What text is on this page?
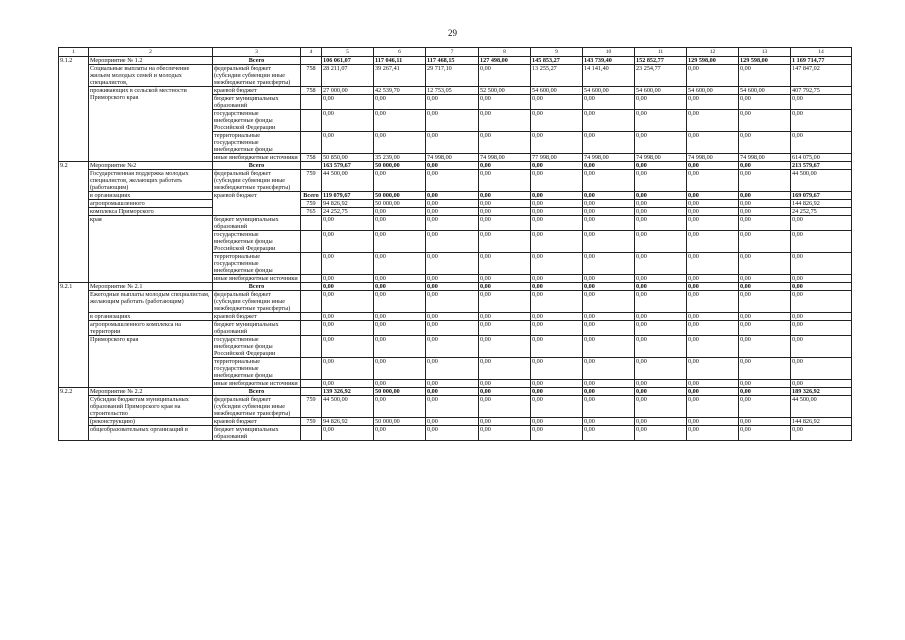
29
1	2	3	4	5	6	7	8	9	10	11	12	13	14
9.1.2	Мероприятие № 1.2	Всего		106 061,07	117 046,11	117 468,15	127 498,00	145 853,27	143 739,40	152 852,77	129 598,00	129 598,00	1 169 714,77
	Социальные выплаты на обеспечение жильем молодых семей и молодых специалистов,	федеральный бюджет (субсидии субвенции иные межбюджетные трансферты)	758	28 211,07	39 267,41	29 717,10	0,00	13 255,27	14 141,40	23 254,77	0,00	0,00	147 847,02
	проживающих в сельской местности Приморского края	краевой бюджет	758	27 000,00	42 539,70	12 753,05	52 500,00	54 600,00	54 600,00	54 600,00	54 600,00	54 600,00	407 792,75
		бюджет муниципальных образований		0,00	0,00	0,00	0,00	0,00	0,00	0,00	0,00	0,00	0,00
		государственные внебюджетные фонды Российской Федерации		0,00	0,00	0,00	0,00	0,00	0,00	0,00	0,00	0,00	0,00
		территориальные государственные внебюджетные фонды		0,00	0,00	0,00	0,00	0,00	0,00	0,00	0,00	0,00	0,00
		иные внебюджетные источники	758	50 850,00	35 239,00	74 998,00	74 998,00	77 998,00	74 998,00	74 998,00	74 998,00	74 998,00	614 075,00
9.2	Мероприятие №2	Всего		163 579,67	50 000,00	0,00	0,00	0,00	0,00	0,00	0,00	0,00	213 579,67
	Государственная поддержка молодых специалистов, желающих работать (работающим)	федеральный бюджет (субсидии субвенции иные межбюджетные трансферты)	759	44 500,00	0,00	0,00	0,00	0,00	0,00	0,00	0,00	0,00	44 500,00
	в организациях	краевой бюджет	Всего	119 079,67	50 000,00	0,00	0,00	0,00	0,00	0,00	0,00	0,00	169 079,67
	агропромышленного		759	94 826,92	50 000,00	0,00	0,00	0,00	0,00	0,00	0,00	0,00	144 826,92
	комплекса Приморского		765	24 252,75	0,00	0,00	0,00	0,00	0,00	0,00	0,00	0,00	24 252,75
	края	бюджет муниципальных образований		0,00	0,00	0,00	0,00	0,00	0,00	0,00	0,00	0,00	0,00
		государственные внебюджетные фонды Российской Федерации		0,00	0,00	0,00	0,00	0,00	0,00	0,00	0,00	0,00	0,00
		территориальные государственные внебюджетные фонды		0,00	0,00	0,00	0,00	0,00	0,00	0,00	0,00	0,00	0,00
		иные внебюджетные источники		0,00	0,00	0,00	0,00	0,00	0,00	0,00	0,00	0,00	0,00
9.2.1	Мероприятие № 2.1	Всего		0,00	0,00	0,00	0,00	0,00	0,00	0,00	0,00	0,00	0,00
	Ежегодные выплаты молодым специалистам, желающим работать (работающим)	федеральный бюджет (субсидии субвенции иные межбюджетные трансферты)		0,00	0,00	0,00	0,00	0,00	0,00	0,00	0,00	0,00	0,00
	в организациях	краевой бюджет		0,00	0,00	0,00	0,00	0,00	0,00	0,00	0,00	0,00	0,00
	агропромышленного комплекса на территории	бюджет муниципальных образований		0,00	0,00	0,00	0,00	0,00	0,00	0,00	0,00	0,00	0,00
	Приморского края	государственные внебюджетные фонды Российской Федерации		0,00	0,00	0,00	0,00	0,00	0,00	0,00	0,00	0,00	0,00
		территориальные государственные внебюджетные фонды		0,00	0,00	0,00	0,00	0,00	0,00	0,00	0,00	0,00	0,00
		иные внебюджетные источники		0,00	0,00	0,00	0,00	0,00	0,00	0,00	0,00	0,00	0,00
9.2.2	Мероприятие № 2.2	Всего		139 326,92	50 000,00	0,00	0,00	0,00	0,00	0,00	0,00	0,00	189 326,92
	Субсидии бюджетам муниципальных образований Приморского края на строительство	федеральный бюджет (субсидии субвенции иные межбюджетные трансферты)	759	44 500,00	0,00	0,00	0,00	0,00	0,00	0,00	0,00	0,00	44 500,00
	(реконструкцию)	краевой бюджет	759	94 826,92	50 000,00	0,00	0,00	0,00	0,00	0,00	0,00	0,00	144 826,92
	общеобразовательных организаций в	бюджет муниципальных образований		0,00	0,00	0,00	0,00	0,00	0,00	0,00	0,00	0,00	0,00
